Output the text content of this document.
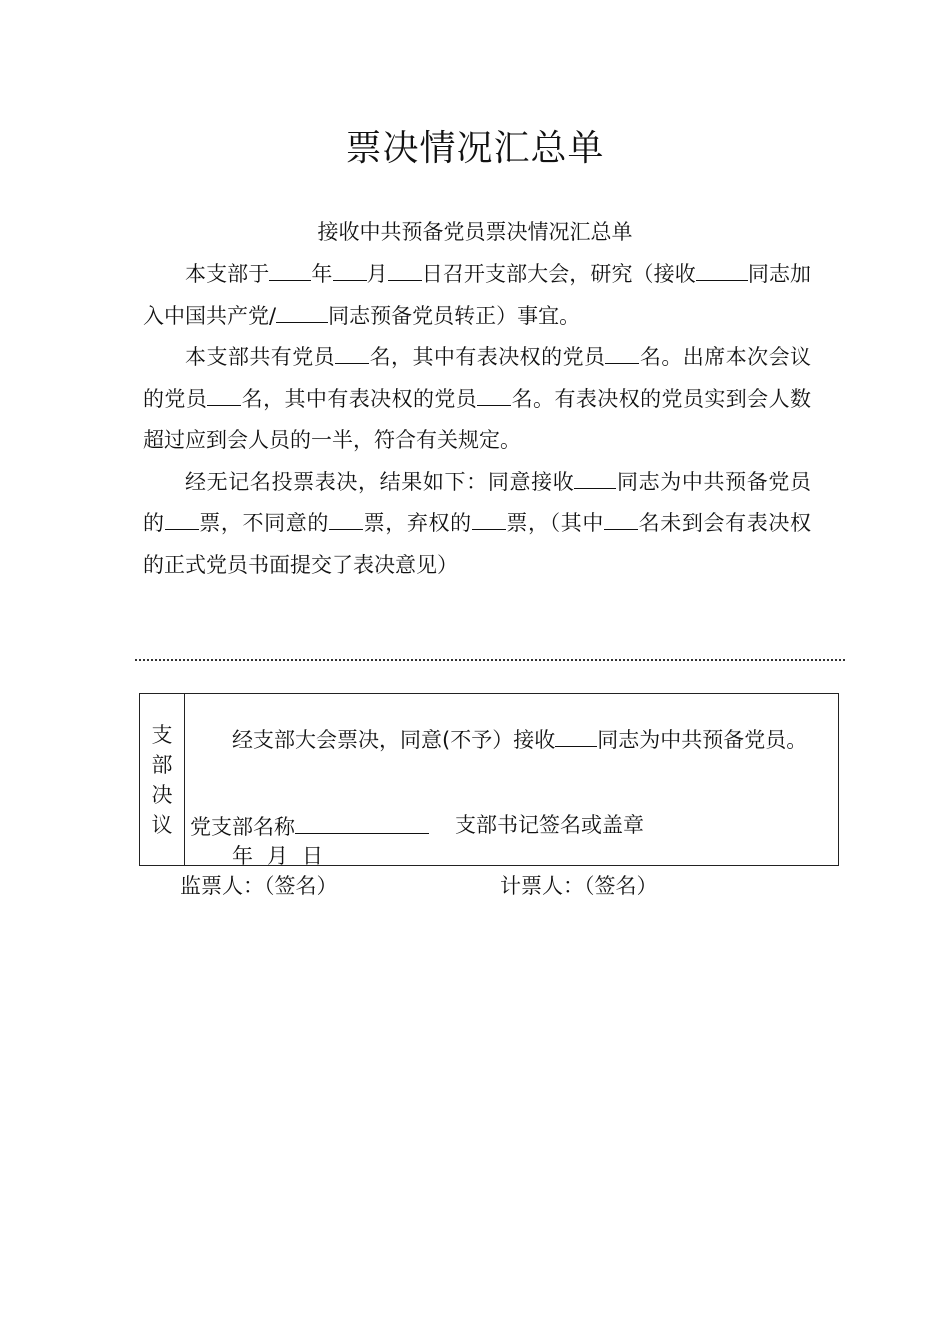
票决情况汇总单
接收中共预备党员票决情况汇总单

本支部于 年 月 日召开支部大会，研究（接收 同志加入中国共产党/ 同志预备党员转正）事宜。

本支部共有党员 名，其中有表决权的党员 名。出席本次会议的党员 名，其中有表决权的党员 名。有表决权的党员实到会人数超过应到会人员的一半，符合有关规定。

经无记名投票表决，结果如下：同意接收 同志为中共预备党员的 票，不同意的 票，弃权的 票，（其中 名未到会有表决权的正式党员书面提交了表决意见）

支
部
决
议

经支部大会票决，同意(不予）接收 同志为中共预备党员。

党支部名称	支部书记签名或盖章
年 月 日
监票人：（签名）	计票人：（签名）
